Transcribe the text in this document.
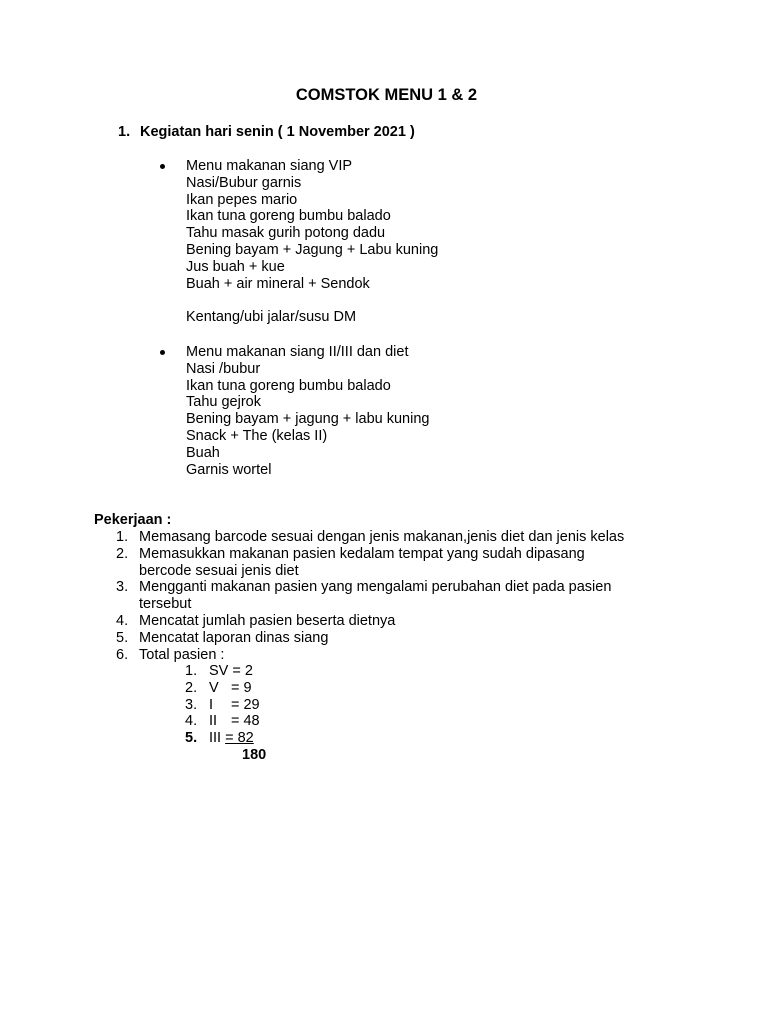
COMSTOK MENU 1 & 2
1. Kegiatan hari senin ( 1 November 2021 )
Menu makanan siang VIP
Nasi/Bubur garnis
Ikan pepes mario
Ikan tuna goreng bumbu balado
Tahu masak gurih potong dadu
Bening bayam + Jagung + Labu kuning
Jus buah + kue
Buah + air mineral + Sendok
Kentang/ubi jalar/susu DM
Menu makanan siang II/III dan diet
Nasi /bubur
Ikan tuna goreng bumbu balado
Tahu gejrok
Bening bayam + jagung + labu kuning
Snack + The (kelas II)
Buah
Garnis wortel
Pekerjaan :
1. Memasang barcode sesuai dengan jenis makanan,jenis diet dan jenis kelas
2. Memasukkan makanan pasien kedalam tempat yang sudah dipasang
bercode sesuai jenis diet
3. Mengganti makanan pasien yang mengalami perubahan diet pada pasien
tersebut
4. Mencatat jumlah pasien beserta dietnya
5. Mencatat laporan dinas siang
6. Total pasien :
1. SV = 2
2. V = 9
3. I = 29
4. II = 48
5. III = 82
180
